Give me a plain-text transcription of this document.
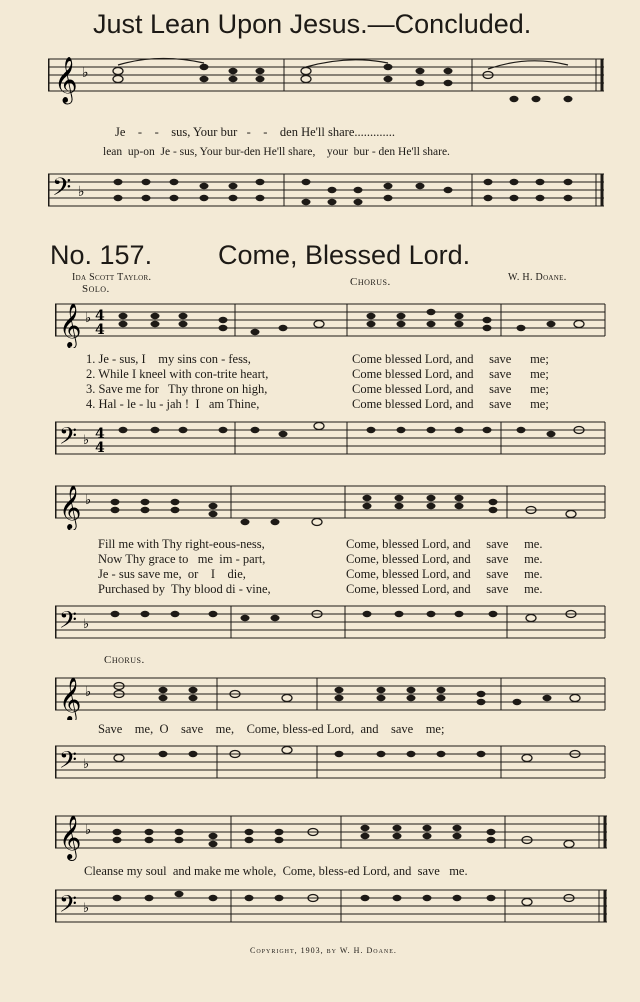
Just Lean Upon Jesus.—Concluded.
𝄞 ♭
Je    -    -    sus, Your bur   -    -    den He'll share.............
lean  up-on  Je - sus, Your bur-den He'll share,    your  bur - den He'll share.
𝄢 ♭
No. 157. Come, Blessed Lord.
Ida Scott Taylor.	W. H. Doane.
Solo.
Chorus.
𝄞 ♭ 4
4
1. Je - sus, I    my sins con - fess,
2. While I kneel with con-trite heart,
3. Save me for   Thy throne on high,
4. Hal - le - lu - jah !  I   am Thine,
Come blessed Lord, and     save      me;
Come blessed Lord, and     save      me;
Come blessed Lord, and     save      me;
Come blessed Lord, and     save      me;
𝄢 ♭ 4
4
𝄞 ♭
Fill me with Thy right-eous-ness,
Now Thy grace to   me  im - part,
Je - sus save me,  or    I    die,
Purchased by  Thy blood di - vine,
Come, blessed Lord, and     save     me.
Come, blessed Lord, and     save     me.
Come, blessed Lord, and     save     me.
Come, blessed Lord, and     save     me.
𝄢 ♭
Chorus.
𝄞 ♭
Save    me,  O    save    me,    Come, bless-ed Lord,  and    save    me;
𝄢 ♭
𝄞 ♭
Cleanse my soul  and make me whole,  Come, bless-ed Lord, and  save   me.
𝄢 ♭
Copyright, 1903, by W. H. Doane.
